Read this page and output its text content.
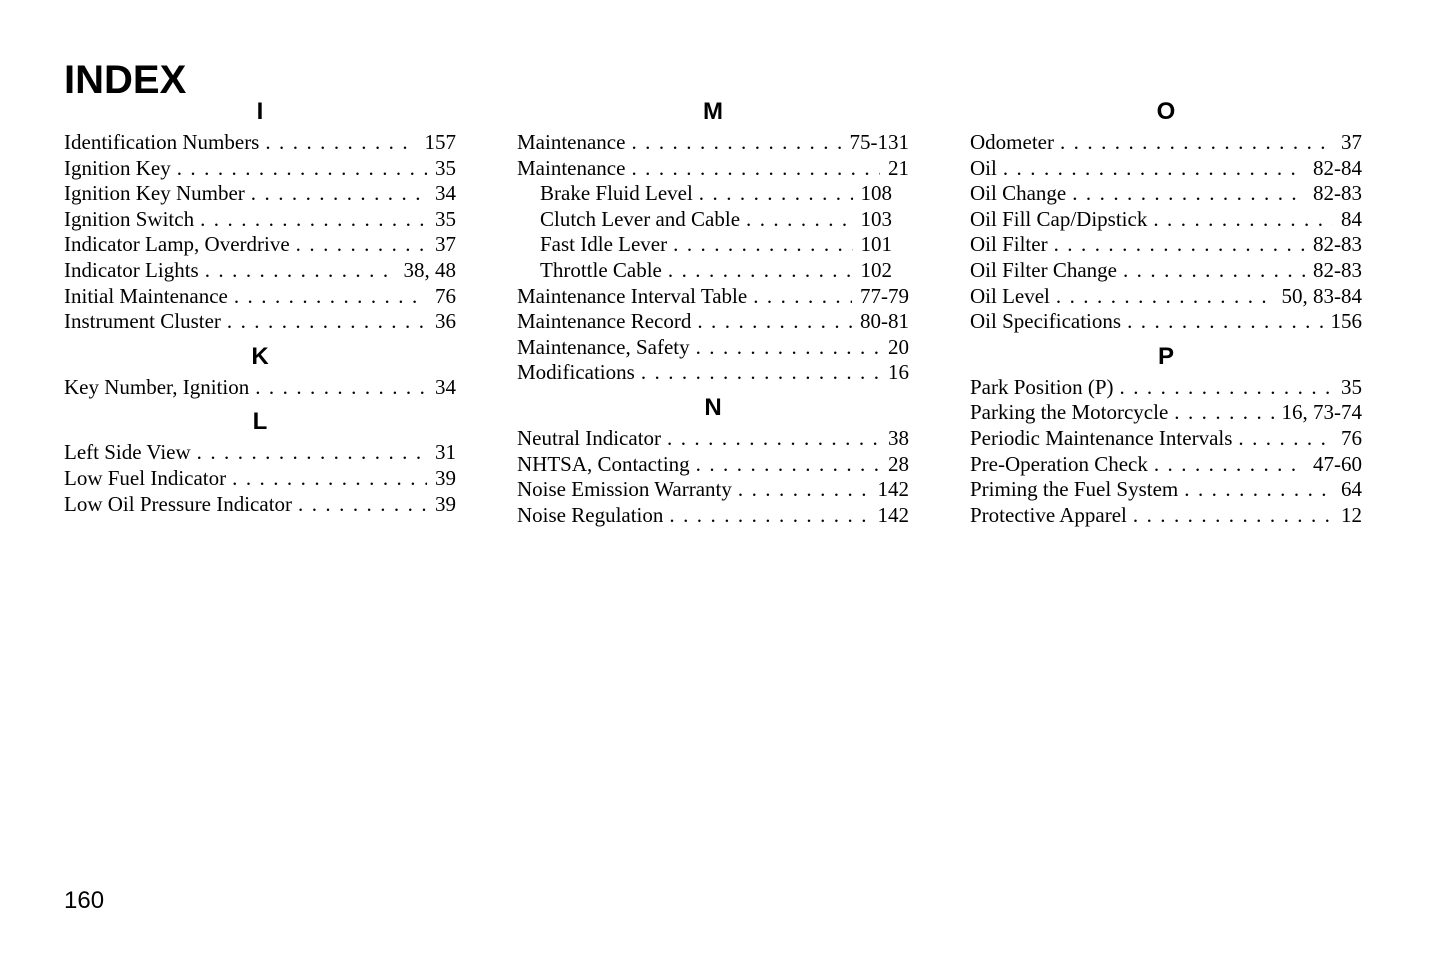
INDEX
I
Identification Numbers . . .	157
Ignition Key . . .	35
Ignition Key Number . . .	34
Ignition Switch . . .	35
Indicator Lamp, Overdrive . . .	37
Indicator Lights . . .	38, 48
Initial Maintenance . . .	76
Instrument Cluster . . .	36
K
Key Number, Ignition . . .	34
L
Left Side View . . .	31
Low Fuel Indicator . . .	39
Low Oil Pressure Indicator . . .	39
M
Maintenance . . .	75-131
Maintenance . . .	21
Brake Fluid Level . . .	108
Clutch Lever and Cable . . .	103
Fast Idle Lever . . .	101
Throttle Cable . . .	102
Maintenance Interval Table . . .	77-79
Maintenance Record . . .	80-81
Maintenance, Safety . . .	20
Modifications . . .	16
N
Neutral Indicator . . .	38
NHTSA, Contacting . . .	28
Noise Emission Warranty . . .	142
Noise Regulation . . .	142
O
Odometer . . .	37
Oil . . .	82-84
Oil Change . . .	82-83
Oil Fill Cap/Dipstick . . .	84
Oil Filter . . .	82-83
Oil Filter Change . . .	82-83
Oil Level . . .	50, 83-84
Oil Specifications . . .	156
P
Park Position (P) . . .	35
Parking the Motorcycle . . .	16, 73-74
Periodic Maintenance Intervals . . .	76
Pre-Operation Check . . .	47-60
Priming the Fuel System . . .	64
Protective Apparel . . .	12
160
